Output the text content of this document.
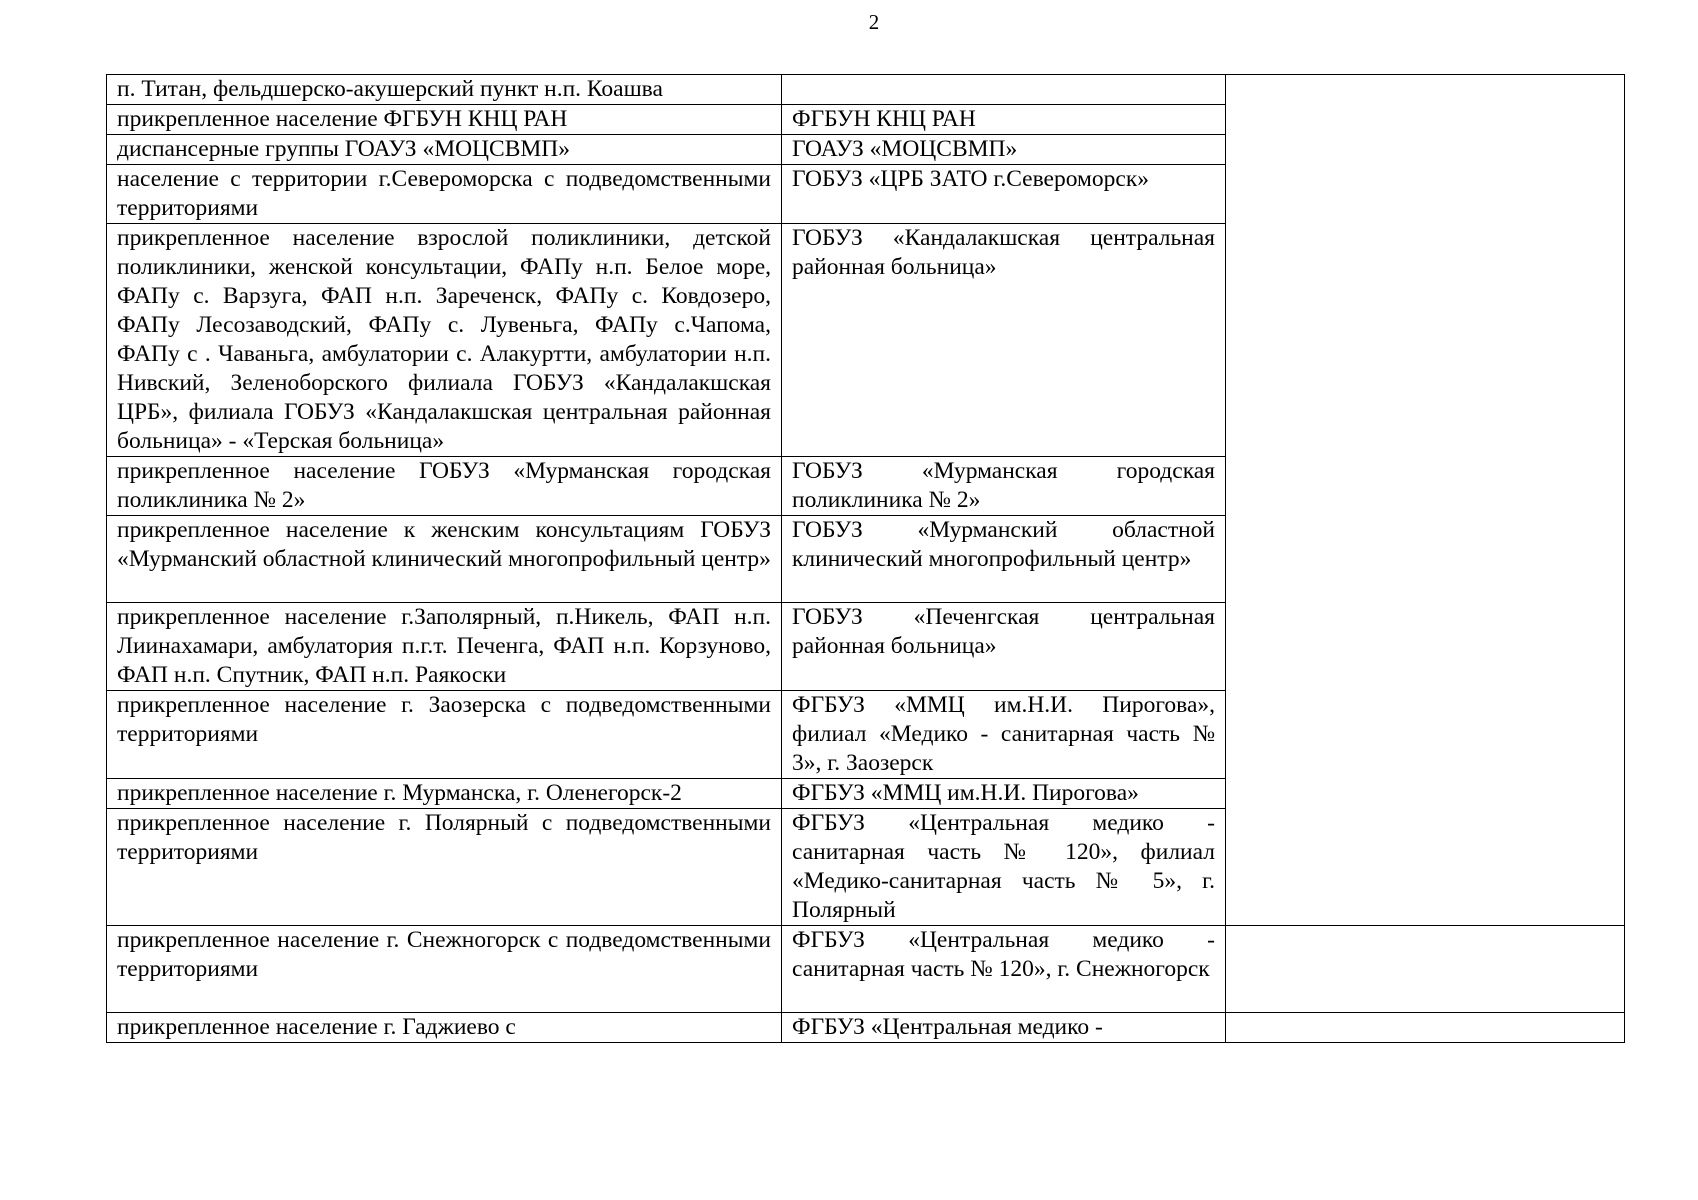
2
п. Титан, фельдшерско-акушерский пункт н.п. Коашва		
прикрепленное население ФГБУН КНЦ РАН	ФГБУН КНЦ РАН	
диспансерные группы ГОАУЗ «МОЦСВМП»	ГОАУЗ «МОЦСВМП»	
население с территории г.Североморска с подведомственными территориями	ГОБУЗ «ЦРБ ЗАТО г.Североморск»	
прикрепленное население взрослой поликлиники, детской поликлиники, женской консультации, ФАПу н.п. Белое море, ФАПу с. Варзуга, ФАП н.п. Зареченск, ФАПу с. Ковдозеро, ФАПу Лесозаводский, ФАПу с. Лувеньга, ФАПу с.Чапома, ФАПу с . Чаваньга, амбулатории с. Алакуртти, амбулатории н.п. Нивский, Зеленоборского филиала ГОБУЗ «Кандалакшская ЦРБ», филиала ГОБУЗ «Кандалакшская центральная районная больница» - «Терская больница»	ГОБУЗ «Кандалакшская центральная районная больница»	
прикрепленное население ГОБУЗ «Мурманская городская поликлиника № 2»	ГОБУЗ «Мурманская городская поликлиника № 2»	
прикрепленное население к женским консультациям ГОБУЗ «Мурманский областной клинический многопрофильный центр»	ГОБУЗ «Мурманский областной клинический многопрофильный центр»	
прикрепленное население г.Заполярный, п.Никель, ФАП н.п. Лиинахамари, амбулатория п.г.т. Печенга, ФАП н.п. Корзуново, ФАП н.п. Спутник, ФАП н.п. Раякоски	ГОБУЗ «Печенгская центральная районная больница»	
прикрепленное население г. Заозерска с подведомственными территориями	ФГБУЗ «ММЦ им.Н.И. Пирогова», филиал «Медико - санитарная часть № 3», г. Заозерск	
прикрепленное население г. Мурманска, г. Оленегорск-2	ФГБУЗ «ММЦ им.Н.И. Пирогова»	
прикрепленное население г. Полярный с подведомственными территориями	ФГБУЗ «Центральная медико - санитарная часть № 120», филиал «Медико-санитарная часть № 5», г. Полярный	
прикрепленное население г. Снежногорск с подведомственными территориями	ФГБУЗ «Центральная медико - санитарная часть № 120», г. Снежногорск	
прикрепленное население г. Гаджиево с	ФГБУЗ «Центральная медико -	
